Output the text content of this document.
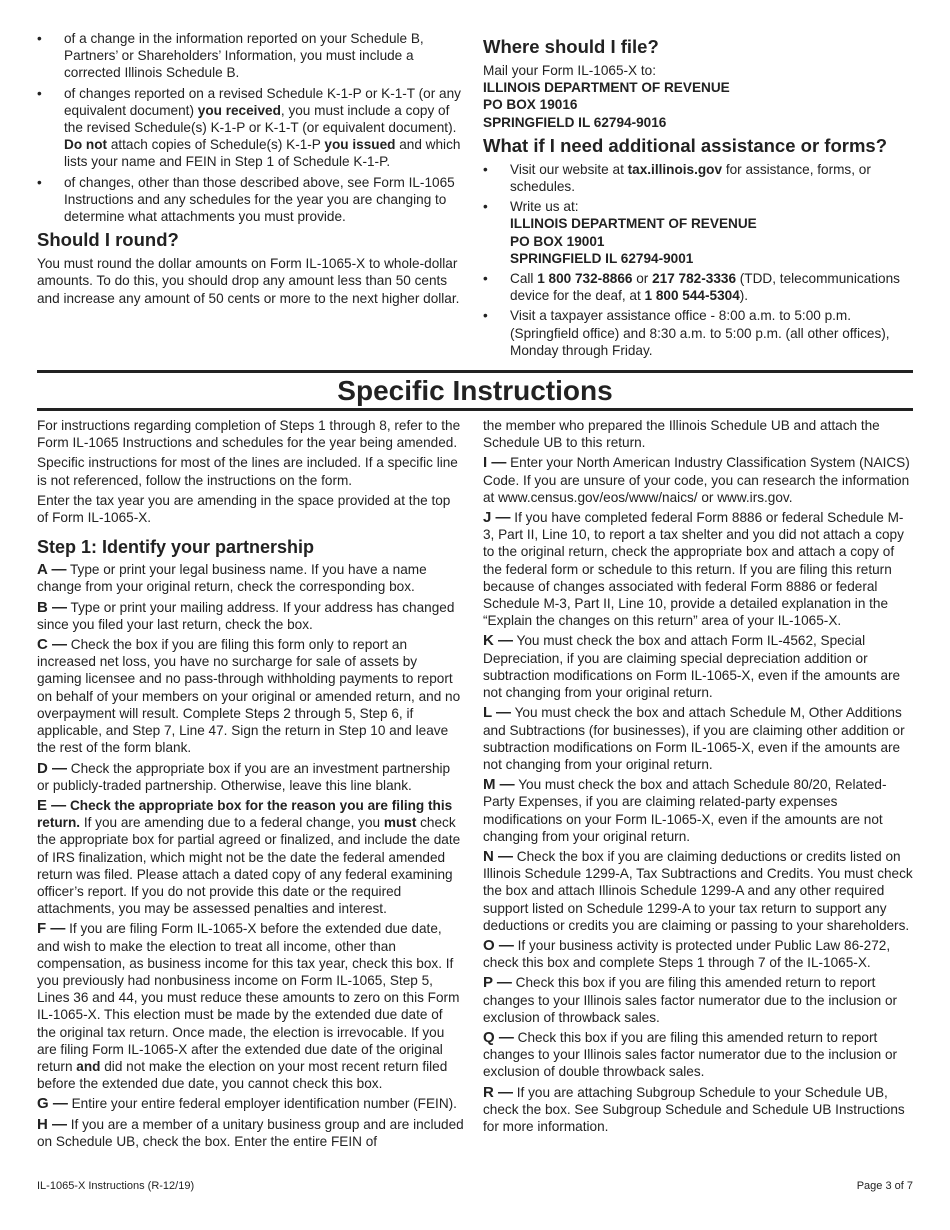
• of a change in the information reported on your Schedule B, Partners’ or Shareholders’ Information, you must include a corrected Illinois Schedule B.
• of changes reported on a revised Schedule K-1-P or K-1-T (or any equivalent document) you received, you must include a copy of the revised Schedule(s) K-1-P or K-1-T (or equivalent document). Do not attach copies of Schedule(s) K-1-P you issued and which lists your name and FEIN in Step 1 of Schedule K-1-P.
• of changes, other than those described above, see Form IL-1065 Instructions and any schedules for the year you are changing to determine what attachments you must provide.
Should I round?

You must round the dollar amounts on Form IL-1065-X to whole-dollar amounts. To do this, you should drop any amount less than 50 cents and increase any amount of 50 cents or more to the next higher dollar.

Where should I file?

Mail your Form IL-1065-X to:

ILLINOIS DEPARTMENT OF REVENUE

PO BOX 19016

SPRINGFIELD IL 62794-9016

What if I need additional assistance or forms?
• Visit our website at tax.illinois.gov for assistance, forms, or schedules.
• Write us at:
ILLINOIS DEPARTMENT OF REVENUE
PO BOX 19001
SPRINGFIELD IL 62794-9001
• Call 1 800 732-8866 or 217 782-3336 (TDD, telecommunications device for the deaf, at 1 800 544-5304).
• Visit a taxpayer assistance office - 8:00 a.m. to 5:00 p.m. (Springfield office) and 8:30 a.m. to 5:00 p.m. (all other offices), Monday through Friday.
Specific Instructions

For instructions regarding completion of Steps 1 through 8, refer to the Form IL-1065 Instructions and schedules for the year being amended.

Specific instructions for most of the lines are included. If a specific line is not referenced, follow the instructions on the form.

Enter the tax year you are amending in the space provided at the top of Form IL-1065-X.

Step 1: Identify your partnership

A — Type or print your legal business name. If you have a name change from your original return, check the corresponding box.

B — Type or print your mailing address. If your address has changed since you filed your last return, check the box.

C — Check the box if you are filing this form only to report an increased net loss, you have no surcharge for sale of assets by gaming licensee and no pass-through withholding payments to report on behalf of your members on your original or amended return, and no overpayment will result. Complete Steps 2 through 5, Step 6, if applicable, and Step 7, Line 47. Sign the return in Step 10 and leave the rest of the form blank.

D — Check the appropriate box if you are an investment partnership or publicly-traded partnership. Otherwise, leave this line blank.

E — Check the appropriate box for the reason you are filing this return. If you are amending due to a federal change, you must check the appropriate box for partial agreed or finalized, and include the date of IRS finalization, which might not be the date the federal amended return was filed. Please attach a dated copy of any federal examining officer’s report. If you do not provide this date or the required attachments, you may be assessed penalties and interest.

F — If you are filing Form IL-1065-X before the extended due date, and wish to make the election to treat all income, other than compensation, as business income for this tax year, check this box. If you previously had nonbusiness income on Form IL-1065, Step 5, Lines 36 and 44, you must reduce these amounts to zero on this Form IL-1065-X. This election must be made by the extended due date of the original tax return. Once made, the election is irrevocable. If you are filing Form IL-1065-X after the extended due date of the original return and did not make the election on your most recent return filed before the extended due date, you cannot check this box.

G — Entire your entire federal employer identification number (FEIN).

H — If you are a member of a unitary business group and are included on Schedule UB, check the box. Enter the entire FEIN of

the member who prepared the Illinois Schedule UB and attach the Schedule UB to this return.

I — Enter your North American Industry Classification System (NAICS) Code. If you are unsure of your code, you can research the information at www.census.gov/eos/www/naics/ or www.irs.gov.

J — If you have completed federal Form 8886 or federal Schedule M-3, Part II, Line 10, to report a tax shelter and you did not attach a copy to the original return, check the appropriate box and attach a copy of the federal form or schedule to this return. If you are filing this return because of changes associated with federal Form 8886 or federal Schedule M-3, Part II, Line 10, provide a detailed explanation in the “Explain the changes on this return” area of your IL-1065-X.

K — You must check the box and attach Form IL-4562, Special Depreciation, if you are claiming special depreciation addition or subtraction modifications on Form IL-1065-X, even if the amounts are not changing from your original return.

L — You must check the box and attach Schedule M, Other Additions and Subtractions (for businesses), if you are claiming other addition or subtraction modifications on Form IL-1065-X, even if the amounts are not changing from your original return.

M — You must check the box and attach Schedule 80/20, Related-Party Expenses, if you are claiming related-party expenses modifications on your Form IL-1065-X, even if the amounts are not changing from your original return.

N — Check the box if you are claiming deductions or credits listed on Illinois Schedule 1299-A, Tax Subtractions and Credits. You must check the box and attach Illinois Schedule 1299-A and any other required support listed on Schedule 1299-A to your tax return to support any deductions or credits you are claiming or passing to your shareholders.

O — If your business activity is protected under Public Law 86-272, check this box and complete Steps 1 through 7 of the IL-1065-X.

P — Check this box if you are filing this amended return to report changes to your Illinois sales factor numerator due to the inclusion or exclusion of throwback sales.

Q — Check this box if you are filing this amended return to report changes to your Illinois sales factor numerator due to the inclusion or exclusion of double throwback sales.

R — If you are attaching Subgroup Schedule to your Schedule UB, check the box. See Subgroup Schedule and Schedule UB Instructions for more information.

IL-1065-X Instructions (R-12/19)	Page 3 of 7
